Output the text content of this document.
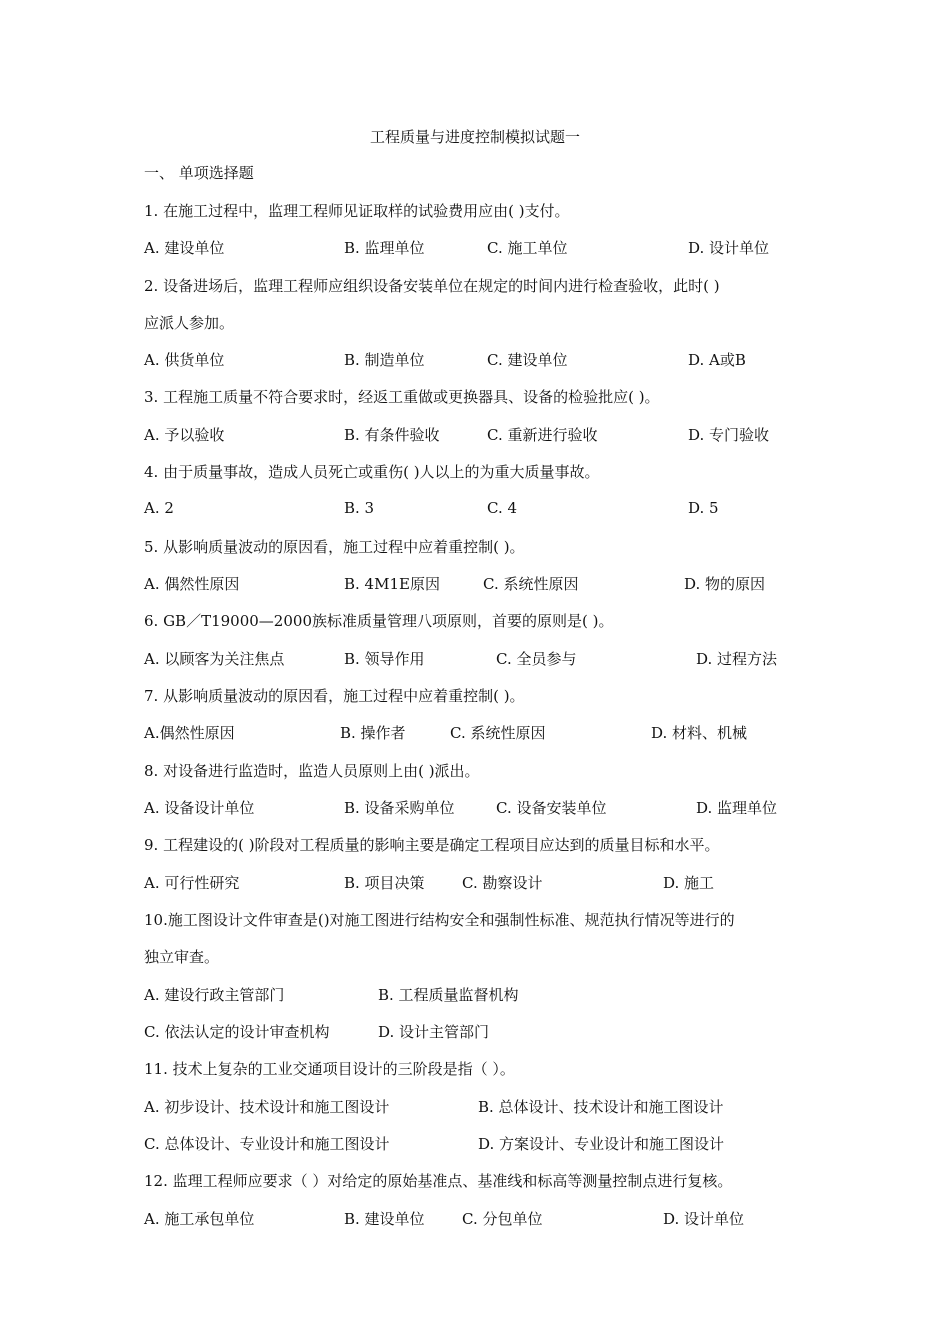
工程质量与进度控制模拟试题一
一、 单项选择题
1. 在施工过程中，监理工程师见证取样的试验费用应由( )支付。
A. 建设单位	B. 监理单位	C. 施工单位	D. 设计单位
2. 设备进场后，监理工程师应组织设备安装单位在规定的时间内进行检查验收，此时( )
应派人参加。
A. 供货单位	B. 制造单位	C. 建设单位	D. A或B
3. 工程施工质量不符合要求时，经返工重做或更换器具、设备的检验批应( )。
A. 予以验收	B. 有条件验收	C. 重新进行验收	D. 专门验收
4. 由于质量事故，造成人员死亡或重伤( )人以上的为重大质量事故。
A. 2	B. 3	C. 4	D. 5
5. 从影响质量波动的原因看，施工过程中应着重控制( )。
A. 偶然性原因	B. 4M1E原因	C. 系统性原因	D. 物的原因
6. GB／T19000—2000族标准质量管理八项原则，首要的原则是( )。
A. 以顾客为关注焦点	B. 领导作用	C. 全员参与	D. 过程方法
7. 从影响质量波动的原因看，施工过程中应着重控制( )。
A.偶然性原因	B. 操作者	C. 系统性原因	D. 材料、机械
8. 对设备进行监造时，监造人员原则上由( )派出。
A. 设备设计单位	B. 设备采购单位	C. 设备安装单位	D. 监理单位
9. 工程建设的( )阶段对工程质量的影响主要是确定工程项目应达到的质量目标和水平。
A. 可行性研究	B. 项目决策 C. 勘察设计	D. 施工
10.施工图设计文件审查是()对施工图进行结构安全和强制性标准、规范执行情况等进行的
独立审查。
A. 建设行政主管部门	B. 工程质量监督机构
C. 依法认定的设计审查机构	D. 设计主管部门
11. 技术上复杂的工业交通项目设计的三阶段是指（ ）。
A. 初步设计、技术设计和施工图设计	B. 总体设计、技术设计和施工图设计
C. 总体设计、专业设计和施工图设计	D. 方案设计、专业设计和施工图设计
12. 监理工程师应要求（ ）对给定的原始基准点、基准线和标高等测量控制点进行复核。
A. 施工承包单位	B. 建设单位 C. 分包单位	D. 设计单位
